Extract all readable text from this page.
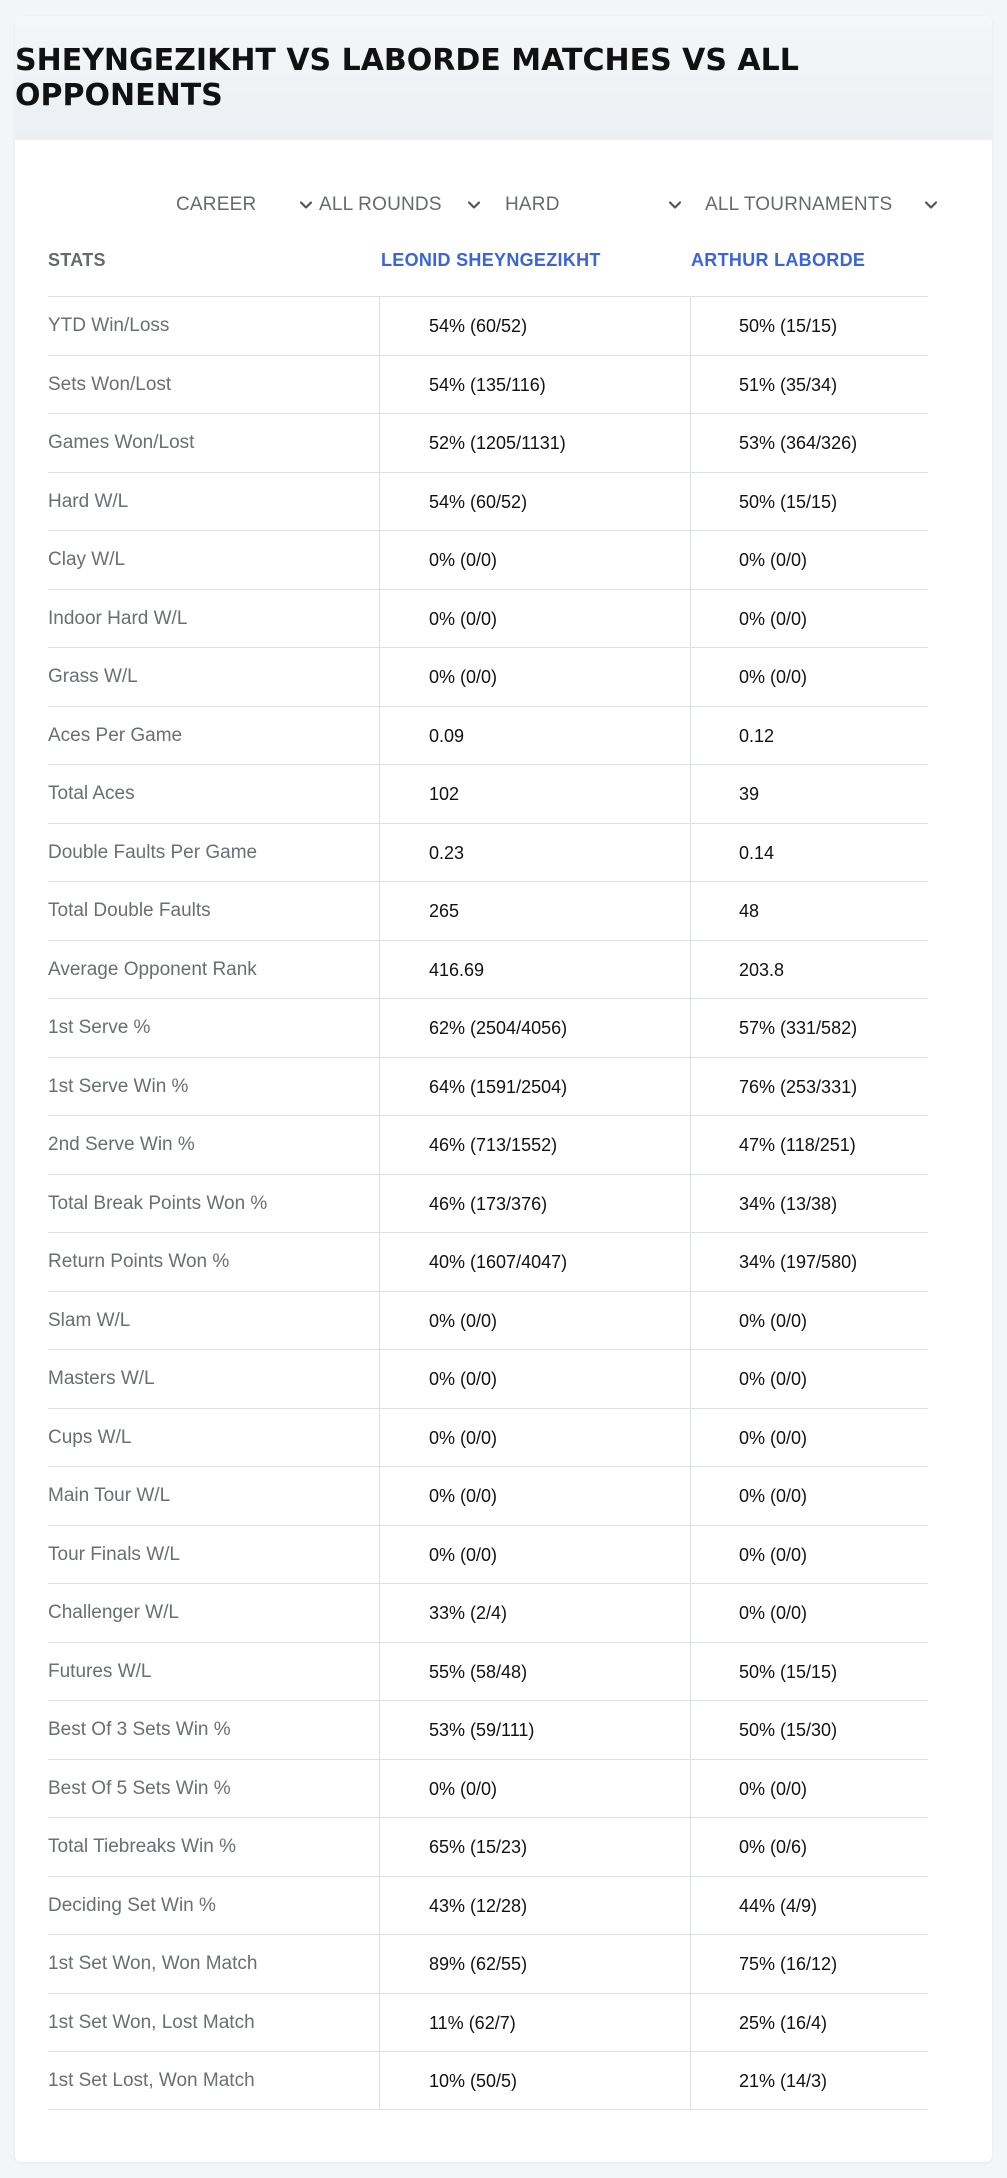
SHEYNGEZIKHT VS LABORDE MATCHES VS ALL OPPONENTS
CAREER	ALL ROUNDS	HARD	ALL TOURNAMENTS
STATS	LEONID SHEYNGEZIKHT	ARTHUR LABORDE
YTD Win/Loss	54% (60/52)	50% (15/15)
Sets Won/Lost	54% (135/116)	51% (35/34)
Games Won/Lost	52% (1205/1131)	53% (364/326)
Hard W/L	54% (60/52)	50% (15/15)
Clay W/L	0% (0/0)	0% (0/0)
Indoor Hard W/L	0% (0/0)	0% (0/0)
Grass W/L	0% (0/0)	0% (0/0)
Aces Per Game	0.09	0.12
Total Aces	102	39
Double Faults Per Game	0.23	0.14
Total Double Faults	265	48
Average Opponent Rank	416.69	203.8
1st Serve %	62% (2504/4056)	57% (331/582)
1st Serve Win %	64% (1591/2504)	76% (253/331)
2nd Serve Win %	46% (713/1552)	47% (118/251)
Total Break Points Won %	46% (173/376)	34% (13/38)
Return Points Won %	40% (1607/4047)	34% (197/580)
Slam W/L	0% (0/0)	0% (0/0)
Masters W/L	0% (0/0)	0% (0/0)
Cups W/L	0% (0/0)	0% (0/0)
Main Tour W/L	0% (0/0)	0% (0/0)
Tour Finals W/L	0% (0/0)	0% (0/0)
Challenger W/L	33% (2/4)	0% (0/0)
Futures W/L	55% (58/48)	50% (15/15)
Best Of 3 Sets Win %	53% (59/111)	50% (15/30)
Best Of 5 Sets Win %	0% (0/0)	0% (0/0)
Total Tiebreaks Win %	65% (15/23)	0% (0/6)
Deciding Set Win %	43% (12/28)	44% (4/9)
1st Set Won, Won Match	89% (62/55)	75% (16/12)
1st Set Won, Lost Match	11% (62/7)	25% (16/4)
1st Set Lost, Won Match	10% (50/5)	21% (14/3)
